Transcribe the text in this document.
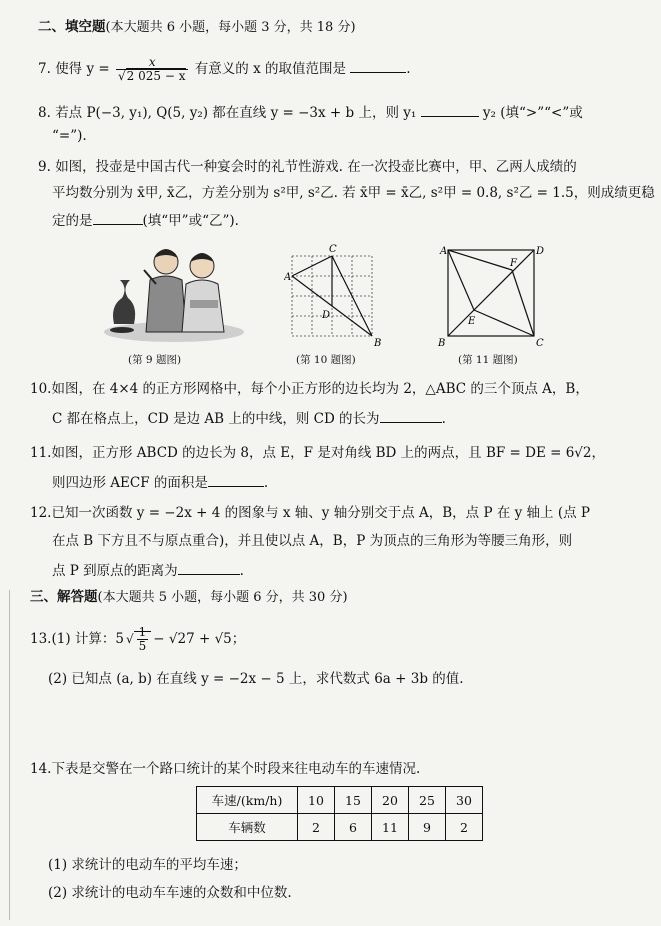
二、填空题(本大题共 6 小题，每小题 3 分，共 18 分)
7. 使得 $y = \frac{x}{√2 025 - x}$ 有意义的 x 的取值范围是	.
8. 若点 P(−3, y₁), Q(5, y₂) 都在直线 y = −3x + b 上，则 y₁	y₂ (填“>”“<”或
“=”).
9. 如图，投壶是中国古代一种宴会时的礼节性游戏. 在一次投壶比赛中，甲、乙两人成绩的
平均数分别为 x̄甲, x̄乙，方差分别为 s²甲, s²乙. 若 x̄甲 = x̄乙, s²甲 = 0.8, s²乙 = 1.5，则成绩更稳
定的是	(填“甲”或“乙”).
(第 9 题图)
A
C
D
B
(第 10 题图)
A	D
B	C
E
F
(第 11 题图)
10.如图，在 4×4 的正方形网格中，每个小正方形的边长均为 2，△ABC 的三个顶点 A，B，
C 都在格点上，CD 是边 AB 上的中线，则 CD 的长为	.
11.如图，正方形 ABCD 的边长为 8，点 E，F 是对角线 BD 上的两点，且 BF = DE = 6√2，
则四边形 AECF 的面积是	.
12.已知一次函数 y = −2x + 4 的图象与 x 轴、y 轴分别交于点 A，B，点 P 在 y 轴上 (点 P
在点 B 下方且不与原点重合)，并且使以点 A，B，P 为顶点的三角形为等腰三角形，则
点 P 到原点的距离为	.
三、解答题(本大题共 5 小题，每小题 6 分，共 30 分)
13.(1) 计算：5 √ $\frac{1}{5} - √27 + √5$；
(2) 已知点 (a, b) 在直线 y = −2x − 5 上，求代数式 6a + 3b 的值.
14.下表是交警在一个路口统计的某个时段来往电动车的车速情况.
车速/(km/h)	10	15	20	25	30
车辆数	2	6	11	9	2
(1) 求统计的电动车的平均车速；
(2) 求统计的电动车车速的众数和中位数.
